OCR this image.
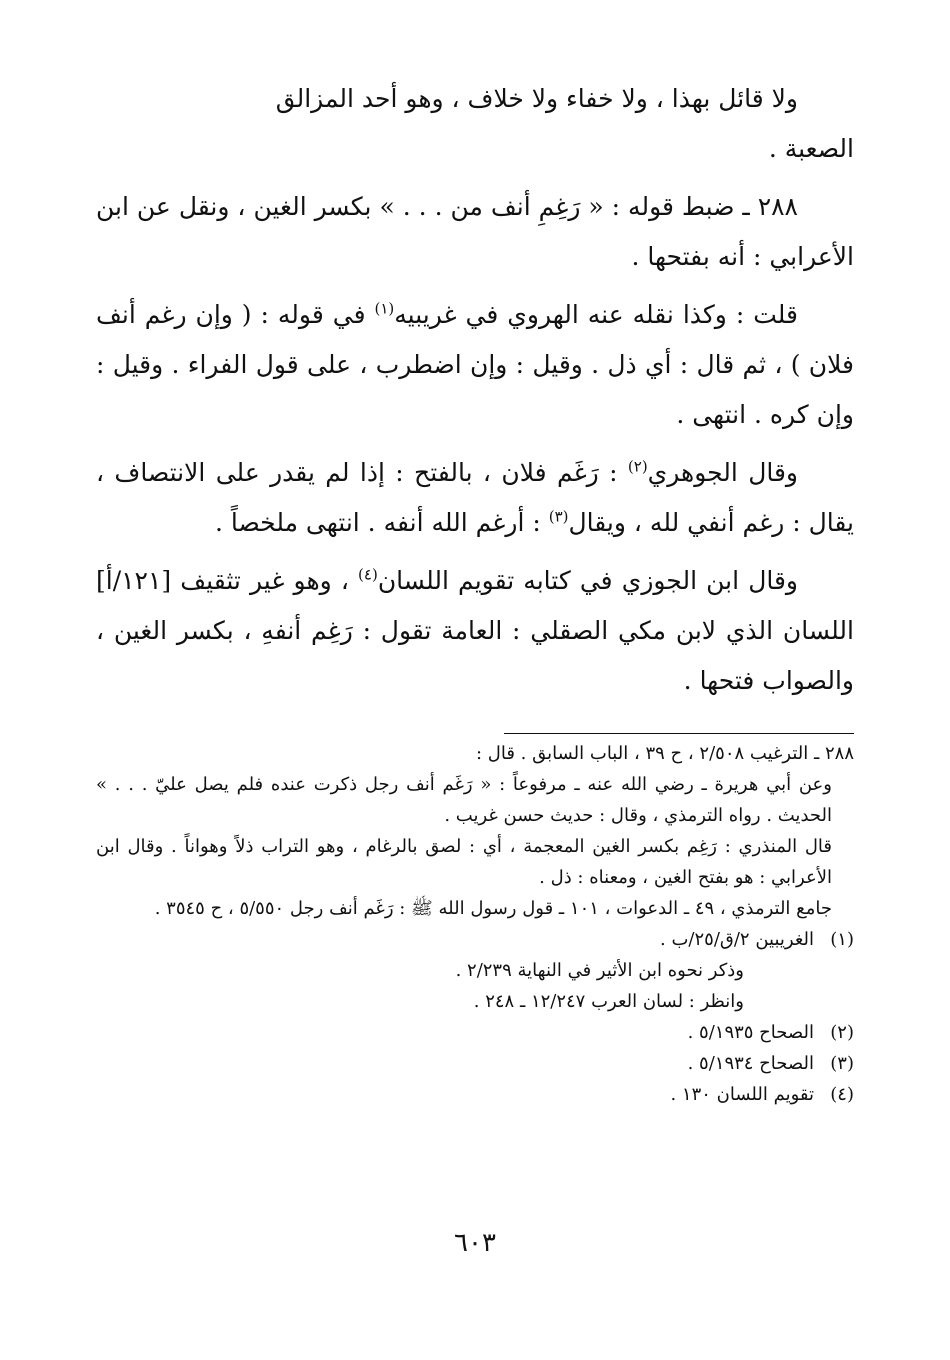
ولا قائل بهذا ، ولا خفاء ولا خلاف ، وهو أحد المزالق
الصعبة .

٢٨٨ ـ ضبط قوله : « رَغِمِ أنف من . . . » بكسر الغين ، ونقل عن ابن الأعرابي : أنه بفتحها .

قلت : وكذا نقله عنه الهروي في غريبيه$^{(١)}$ في قوله : ( وإن رغم أنف فلان ) ، ثم قال : أي ذل . وقيل : وإن اضطرب ، على قول الفراء . وقيل : وإن كره . انتهى .

وقال الجوهري$^{(٢)}$ : رَغَم فلان ، بالفتح : إذا لم يقدر على الانتصاف ، يقال : رغم أنفي لله ، ويقال$^{(٣)}$ : أرغم الله أنفه . انتهى ملخصاً .

وقال ابن الجوزي في كتابه تقويم اللسان$^{(٤)}$ ، وهو غير تثقيف [١٢١/أ] اللسان الذي لابن مكي الصقلي : العامة تقول : رَغِم أنفهِ ، بكسر الغين ، والصواب فتحها .

٢٨٨ ـ الترغيب ٢/٥٠٨ ، ح ٣٩ ، الباب السابق . قال :

وعن أبي هريرة ـ رضي الله عنه ـ مرفوعاً : « رَغَم أنف رجل ذكرت عنده فلم يصل عليّ . . . » الحديث . رواه الترمذي ، وقال : حديث حسن غريب .

قال المنذري : رَغِم بكسر الغين المعجمة ، أي : لصق بالرغام ، وهو التراب ذلاً وهواناً . وقال ابن الأعرابي : هو بفتح الغين ، ومعناه : ذل .

جامع الترمذي ، ٤٩ ـ الدعوات ، ١٠١ ـ قول رسول الله ﷺ : رَغَم أنف رجل ٥/٥٥٠ ، ح ٣٥٤٥ .

(١)

الغريبين ٢/ق/٢٥/ب .

وذكر نحوه ابن الأثير في النهاية ٢/٢٣٩ .

وانظر : لسان العرب ١٢/٢٤٧ ـ ٢٤٨ .

(٢)
الصحاح ٥/١٩٣٥ .
(٣)
الصحاح ٥/١٩٣٤ .
(٤)
تقويم اللسان ١٣٠ .
٦٠٣
